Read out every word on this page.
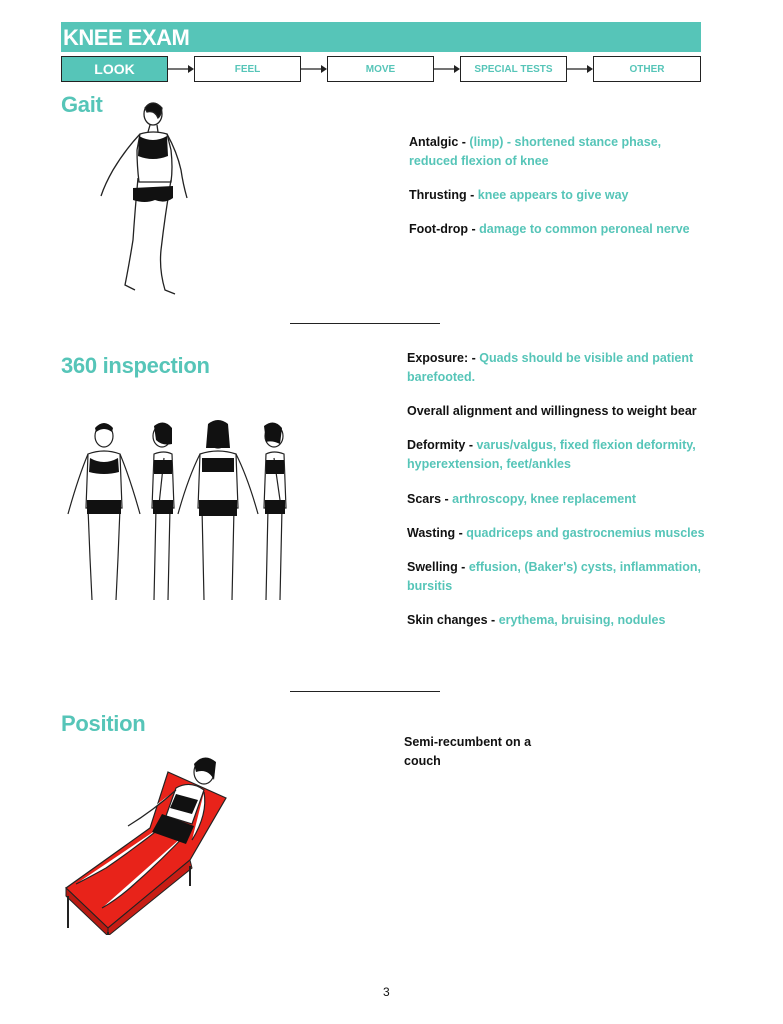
KNEE EXAM
LOOK	FEEL	MOVE	SPECIAL TESTS	OTHER
Gait
Antalgic - (limp) - shortened stance phase,
reduced flexion of knee
Thrusting - knee appears to give way
Foot-drop - damage to common peroneal nerve
360 inspection	Exposure: - Quads should be visible and patient
barefooted.
Overall alignment and willingness to weight bear
Deformity - varus/valgus, fixed flexion deformity,
hyperextension, feet/ankles
Scars - arthroscopy, knee replacement
Wasting - quadriceps and gastrocnemius muscles
Swelling - effusion, (Baker's) cysts, inflammation,
bursitis
Skin changes - erythema, bruising, nodules
Position
Semi-recumbent on a
couch
3
